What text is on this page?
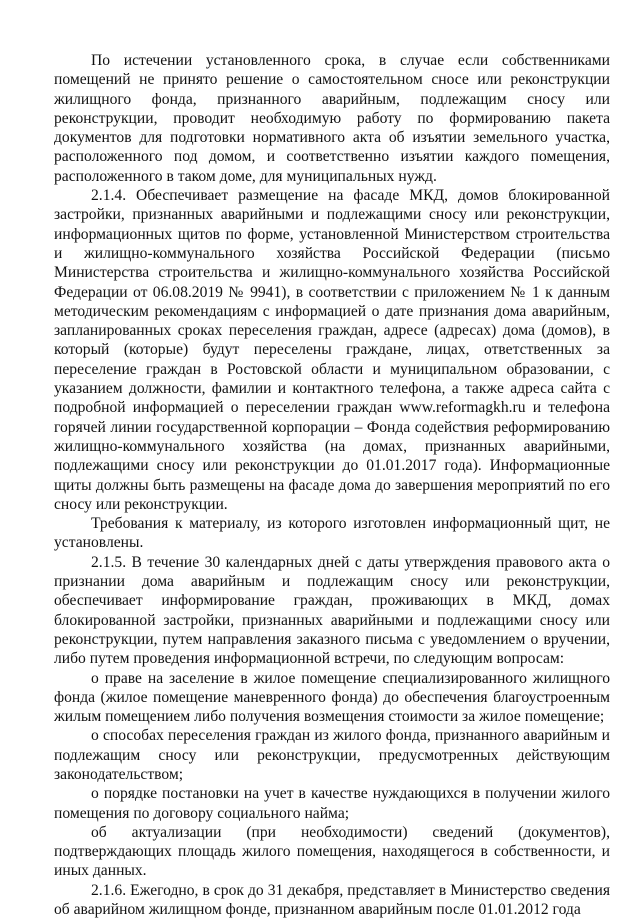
По истечении установленного срока, в случае если собственниками помещений не принято решение о самостоятельном сносе или реконструкции жилищного фонда, признанного аварийным, подлежащим сносу или реконструкции, проводит необходимую работу по формированию пакета документов для подготовки нормативного акта об изъятии земельного участка, расположенного под домом, и соответственно изъятии каждого помещения, расположенного в таком доме, для муниципальных нужд.

2.1.4. Обеспечивает размещение на фасаде МКД, домов блокированной застройки, признанных аварийными и подлежащими сносу или реконструкции, информационных щитов по форме, установленной Министерством строительства и жилищно-коммунального хозяйства Российской Федерации (письмо Министерства строительства и жилищно-коммунального хозяйства Российской Федерации от 06.08.2019 № 9941), в соответствии с приложением № 1 к данным методическим рекомендациям с информацией о дате признания дома аварийным, запланированных сроках переселения граждан, адресе (адресах) дома (домов), в который (которые) будут переселены граждане, лицах, ответственных за переселение граждан в Ростовской области и муниципальном образовании, с указанием должности, фамилии и контактного телефона, а также адреса сайта с подробной информацией о переселении граждан www.reformagkh.ru и телефона горячей линии государственной корпорации – Фонда содействия реформированию жилищно-коммунального хозяйства (на домах, признанных аварийными, подлежащими сносу или реконструкции до 01.01.2017 года). Информационные щиты должны быть размещены на фасаде дома до завершения мероприятий по его сносу или реконструкции.

Требования к материалу, из которого изготовлен информационный щит, не установлены.

2.1.5. В течение 30 календарных дней с даты утверждения правового акта о признании дома аварийным и подлежащим сносу или реконструкции, обеспечивает информирование граждан, проживающих в МКД, домах блокированной застройки, признанных аварийными и подлежащими сносу или реконструкции, путем направления заказного письма с уведомлением о вручении, либо путем проведения информационной встречи, по следующим вопросам:

о праве на заселение в жилое помещение специализированного жилищного фонда (жилое помещение маневренного фонда) до обеспечения благоустроенным жилым помещением либо получения возмещения стоимости за жилое помещение;

о способах переселения граждан из жилого фонда, признанного аварийным и подлежащим сносу или реконструкции, предусмотренных действующим законодательством;

о порядке постановки на учет в качестве нуждающихся в получении жилого помещения по договору социального найма;

об актуализации (при необходимости) сведений (документов), подтверждающих площадь жилого помещения, находящегося в собственности, и иных данных.

2.1.6. Ежегодно, в срок до 31 декабря, представляет в Министерство сведения об аварийном жилищном фонде, признанном аварийным после 01.01.2012 года
